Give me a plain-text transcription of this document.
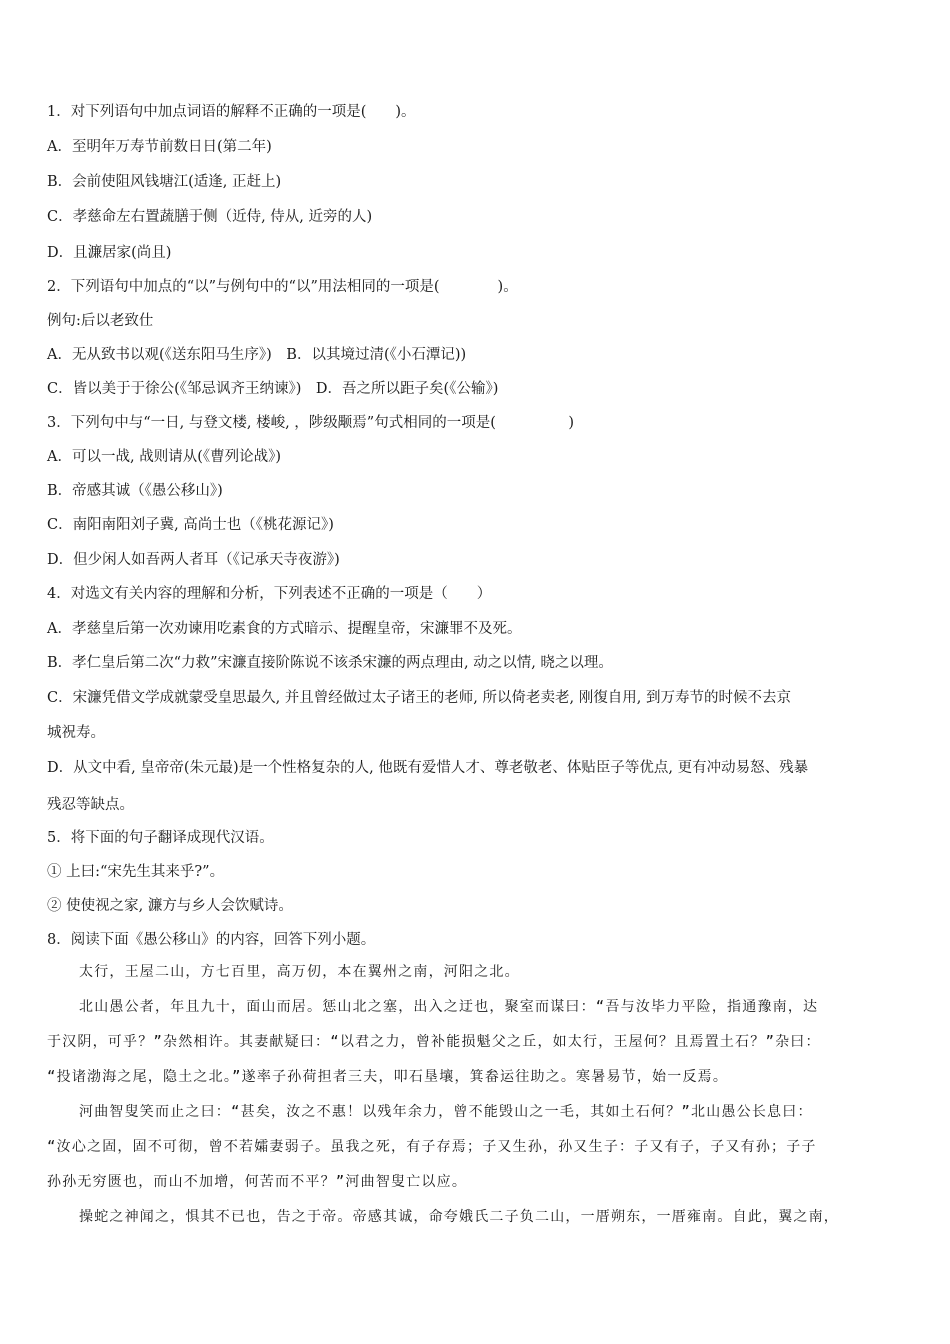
1．对下列语句中加点词语的解释不正确的一项是(　　)。
A．至明年万寿节前数日日(第二年)
B．会前使阻风钱塘江(适逢, 正赶上)
C．孝慈命左右置蔬膳于侧（近侍, 侍从, 近旁的人)
D．且濂居家(尚且)
2．下列语句中加点的“以”与例句中的“以”用法相同的一项是(　　　　)。
例句:后以老致仕
A．无从致书以观(《送东阳马生序》)　B．以其境过清(《小石潭记))
C．皆以美于于徐公(《邹忌讽齐王纳谏》)　D．吾之所以距子矣(《公输》)
3．下列句中与“一日, 与登文楼, 楼峻, ，陟级颙焉”句式相同的一项是(　　　　　)
A．可以一战, 战则请从(《曹列论战》)
B．帝感其诚（《愚公移山》)
C．南阳南阳刘子冀, 高尚士也（《桃花源记》)
D．但少闲人如吾两人者耳（《记承天寺夜游》)
4．对选文有关内容的理解和分析，下列表述不正确的一项是（　　）
A．孝慈皇后第一次劝谏用吃素食的方式暗示、提醒皇帝，宋濂罪不及死。
B．孝仁皇后第二次“力救”宋濂直接阶陈说不该杀宋濂的两点理由, 动之以情, 晓之以理。
C．宋濂凭借文学成就蒙受皇思最久, 并且曾经做过太子诸王的老师, 所以倚老卖老, 刚復自用, 到万寿节的时候不去京
城祝寿。
D．从文中看, 皇帝帝(朱元最)是一个性格复杂的人, 他既有爱惜人才、尊老敬老、体贴臣子等优点, 更有冲动易怒、残暴
残忍等缺点。
5．将下面的句子翻译成现代汉语。
① 上曰:“宋先生其来乎?”。
② 使使视之家, 濂方与乡人会饮赋诗。
8．阅读下面《愚公移山》的内容，回答下列小题。
太行，王屋二山，方七百里，高万仞，本在翼州之南，河阳之北。
北山愚公者，年且九十，面山而居。惩山北之塞，出入之迂也，聚室而谋曰：“吾与汝毕力平险，指通豫南，达
于汉阴，可乎？”杂然相许。其妻献疑曰：“以君之力，曾补能损魁父之丘，如太行，王屋何？且焉置土石？”杂曰：
“投诸渤海之尾，隐土之北。”遂率子孙荷担者三夫，叩石垦壤，箕畚运往助之。寒暑易节，始一反焉。
河曲智叟笑而止之曰：“甚矣，汝之不惠！以残年余力，曾不能毁山之一毛，其如土石何？”北山愚公长息曰：
“汝心之固，固不可彻，曾不若孀妻弱子。虽我之死，有子存焉；子又生孙，孙又生子：子又有子，子又有孙；子子
孙孙无穷匮也，而山不加增，何苦而不平？”河曲智叟亡以应。
操蛇之神闻之，惧其不已也，告之于帝。帝感其诚，命夸娥氏二子负二山，一厝朔东，一厝雍南。自此，翼之南，
